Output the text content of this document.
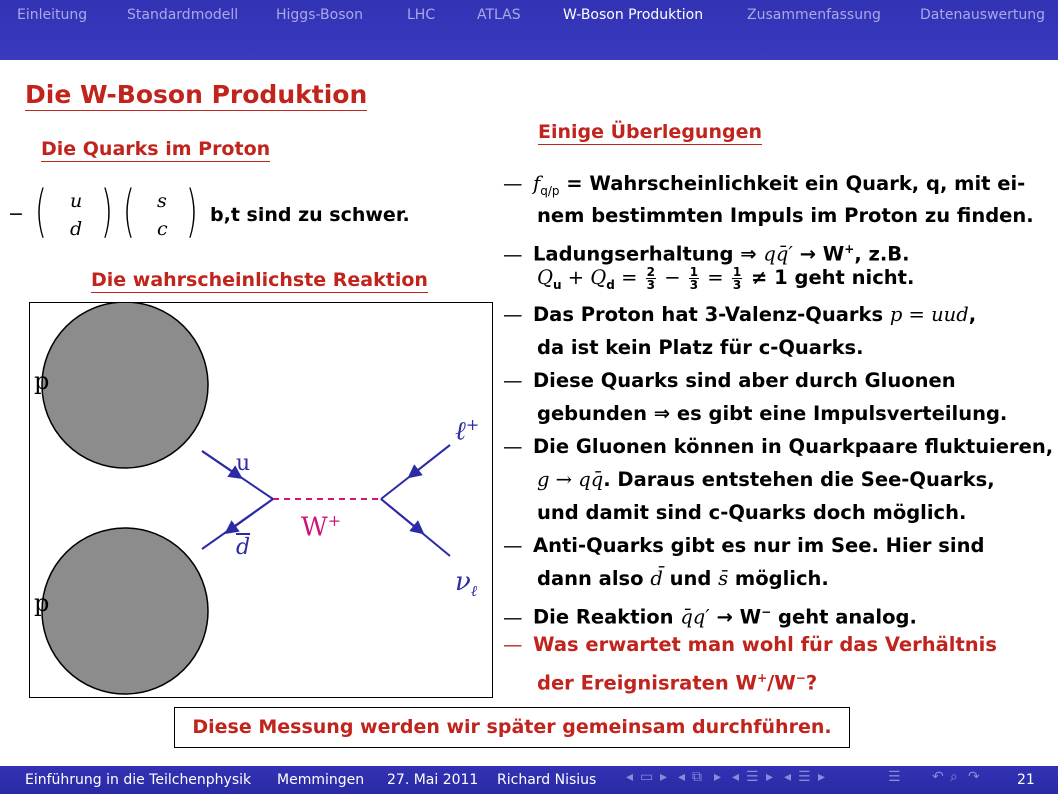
Einleitung	Standardmodell	Higgs-Boson	LHC	ATLAS	W-Boson Produktion	Zusammenfassung	Datenauswertung
Die W-Boson Produktion
Die Quarks im Proton
− ( u
d ) ( s
c ) b,t sind zu schwer.
Die wahrscheinlichste Reaktion
p
p
u
$\overline{d}$
W+
ℓ+
$\nu_\ell$
Einige Überlegungen
— $f_{q/p}$ = Wahrscheinlichkeit ein Quark, q, mit ei-
nem bestimmten Impuls im Proton zu finden.
— Ladungserhaltung ⇒ qq̄′ → W+, z.B.
$Q_u + Q_d = \frac{2}{3} - \frac{1}{3} = \frac{1}{3} \ne 1$ geht nicht.
— Das Proton hat 3-Valenz-Quarks p = uud,
da ist kein Platz für c-Quarks.
— Diese Quarks sind aber durch Gluonen
gebunden ⇒ es gibt eine Impulsverteilung.
— Die Gluonen können in Quarkpaare fluktuieren,
g → qq̄. Daraus entstehen die See-Quarks,
und damit sind c-Quarks doch möglich.
— Anti-Quarks gibt es nur im See. Hier sind
dann also d̄ und s̄ möglich.
— Die Reaktion q̄q′ → W− geht analog.
— Was erwartet man wohl für das Verhältnis
der Ereignisraten W+/W−?
Diese Messung werden wir später gemeinsam durchführen.
Einführung in die Teilchenphysik Memmingen 27. Mai 2011 Richard Nisius ◂ ▭ ▸ ◂ ⧉ ▸ ◂ ☰ ▸ ◂ ☰ ▸	☰ ↶ ⌕ ↷	21
